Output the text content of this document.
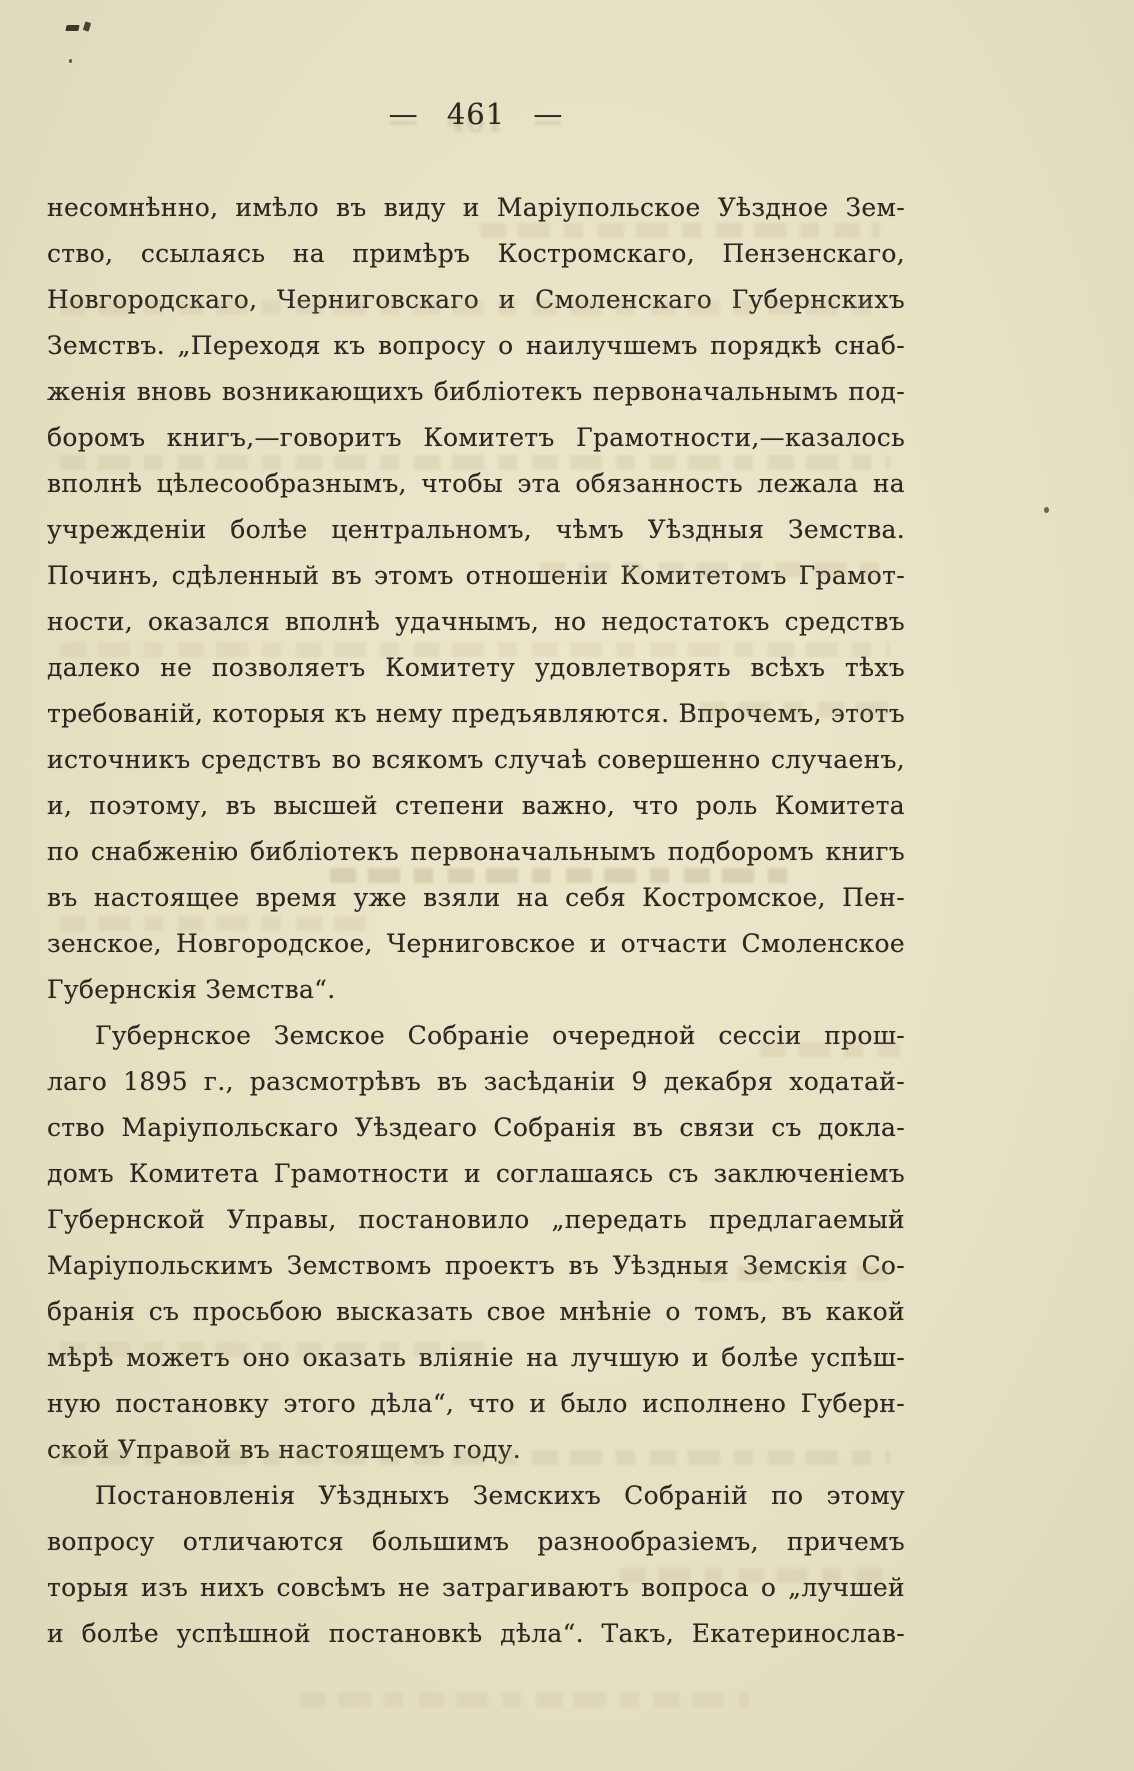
— 461 —
несомнѣнно, имѣло въ виду и Маріупольское Уѣздное Зем-
ство, ссылаясь на примѣръ Костромскаго, Пензенскаго,
Новгородскаго, Черниговскаго и Смоленскаго Губернскихъ
Земствъ. „Переходя къ вопросу о наилучшемъ порядкѣ снаб-
женія вновь возникающихъ библіотекъ первоначальнымъ под-
боромъ книгъ,—говоритъ Комитетъ Грамотности,—казалось
вполнѣ цѣлесообразнымъ, чтобы эта обязанность лежала на
учрежденіи болѣе центральномъ, чѣмъ Уѣздныя Земства.
Починъ, сдѣленный въ этомъ отношеніи Комитетомъ Грамот-
ности, оказался вполнѣ удачнымъ, но недостатокъ средствъ
далеко не позволяетъ Комитету удовлетворять всѣхъ тѣхъ
требованій, которыя къ нему предъявляются. Впрочемъ, этотъ
источникъ средствъ во всякомъ случаѣ совершенно случаенъ,
и, поэтому, въ высшей степени важно, что роль Комитета
по снабженію библіотекъ первоначальнымъ подборомъ книгъ
въ настоящее время уже взяли на себя Костромское, Пен-
зенское, Новгородское, Черниговское и отчасти Смоленское
Губернскія Земства“.
Губернское Земское Собраніе очередной сессіи прош-
лаго 1895 г., разсмотрѣвъ въ засѣданіи 9 декабря ходатай-
ство Маріупольскаго Уѣздеаго Собранія въ связи съ докла-
домъ Комитета Грамотности и соглашаясь съ заключеніемъ
Губернской Управы, постановило „передать предлагаемый
Маріупольскимъ Земствомъ проектъ въ Уѣздныя Земскія Со-
бранія съ просьбою высказать свое мнѣніе о томъ, въ какой
мѣрѣ можетъ оно оказать вліяніе на лучшую и болѣе успѣш-
ную постановку этого дѣла“, что и было исполнено Губерн-
ской Управой въ настоящемъ году.
Постановленія Уѣздныхъ Земскихъ Собраній по этому
вопросу отличаются большимъ разнообразіемъ, причемъ
торыя изъ нихъ совсѣмъ не затрагиваютъ вопроса о „лучшей
и болѣе успѣшной постановкѣ дѣла“. Такъ, Екатеринослав-
